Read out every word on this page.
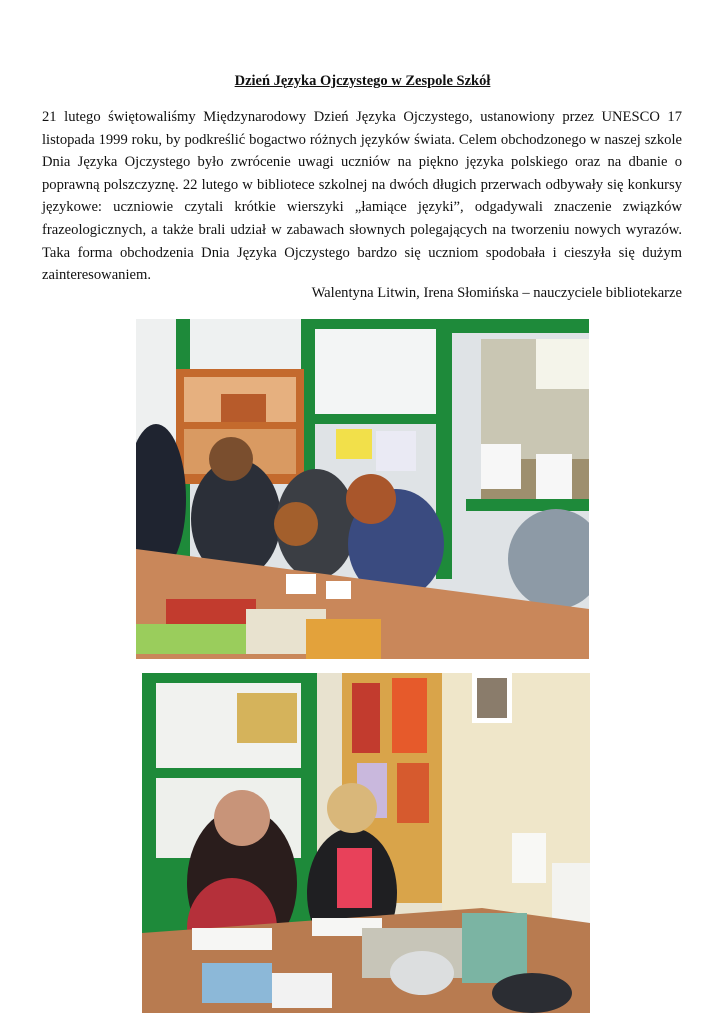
Dzień Języka Ojczystego w Zespole Szkół

21 lutego świętowaliśmy Międzynarodowy Dzień Języka Ojczystego, ustanowiony przez UNESCO 17 listopada 1999 roku, by podkreślić bogactwo różnych języków świata. Celem obchodzonego w naszej szkole Dnia Języka Ojczystego było zwrócenie uwagi uczniów na piękno języka polskiego oraz na dbanie o poprawną polszczyznę. 22 lutego w bibliotece szkolnej na dwóch długich przerwach odbywały się konkursy językowe: uczniowie czytali krótkie wierszyki „łamiące języki”, odgadywali znaczenie związków frazeologicznych, a także brali udział w zabawach słownych polegających na tworzeniu nowych wyrazów. Taka forma obchodzenia Dnia Języka Ojczystego bardzo się uczniom spodobała i cieszyła się dużym zainteresowaniem.

Walentyna Litwin, Irena Słomińska – nauczyciele bibliotekarze
